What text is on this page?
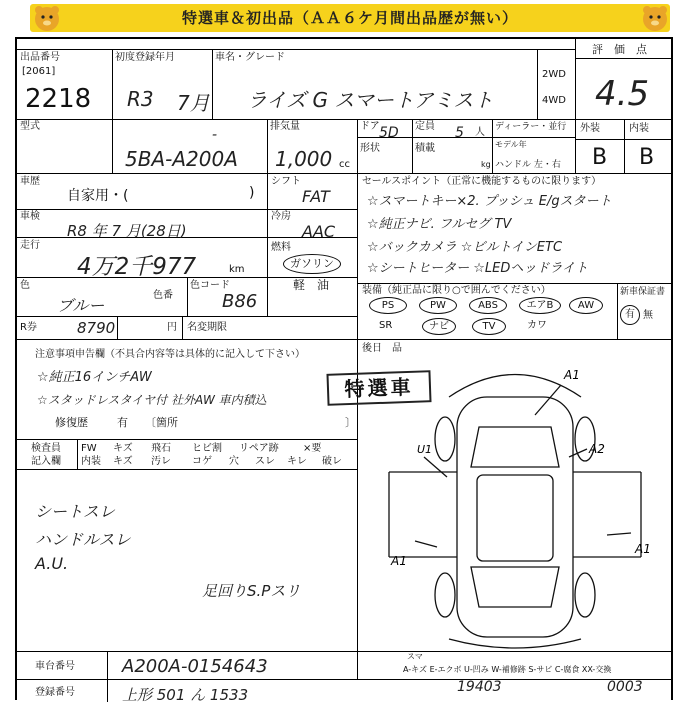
特選車＆初出品（ＡＡ６ケ月間出品歴が無い）
出品番号
[2061]
2218
初度登録年月
R3 7月
車名・グレード
ライズ G スマートアミスト
2WD
4WD
評　価　点
4.5
型式
-
5BA-A200A
排気量
1,000 cc
ドア 5D 定員 5 人
形状	積載
kg
ディーラー・並行
モデル年
ハンドル 左・右
外装	内装
B B
車歴
自家用・(	)
車検
R8 年 7 月(28日)
走行
4万2千977	km
色
ブルー
色番
色コード
B86
R券	8790	円 名変期限
シフト
FAT
冷房
AAC
燃料
ガソリン
軽　油
セールスポイント（正常に機能するものに限ります）
☆スマートキー×2. プッシュ E/gスタート
☆純正ナビ. フルセグ TV
☆バックカメラ ☆ビルトインETC
☆シートヒーター ☆LEDヘッドライト
装備（純正品に限り○で囲んでください）
PS	PW	ABS	エアB	AW
SR	ナビ	TV	カワ
新車保証書
有 無
注意事項申告欄（不具合内容等は具体的に記入して下さい）
☆純正16インチAW
☆スタッドレスタイヤ付 社外AW 車内積込
修復歴	有 〔箇所	〕
特選車
後日　品
検査員
記入欄
FW キズ 飛石 ヒビ割 リペア跡 ×要
内装 キズ 汚レ コゲ 穴 スレ キレ 破レ
シートスレ
ハンドルスレ
A.U.
足回りS.Pスリ
A1
U1	A2
A1
A1
スマ
A-キズ E-エクボ U-凹み W-補修跡 S-サビ C-腐食 XX-交換
車台番号	A200A-0154643
登録番号	上形 501 ん 1533	19403	0003
